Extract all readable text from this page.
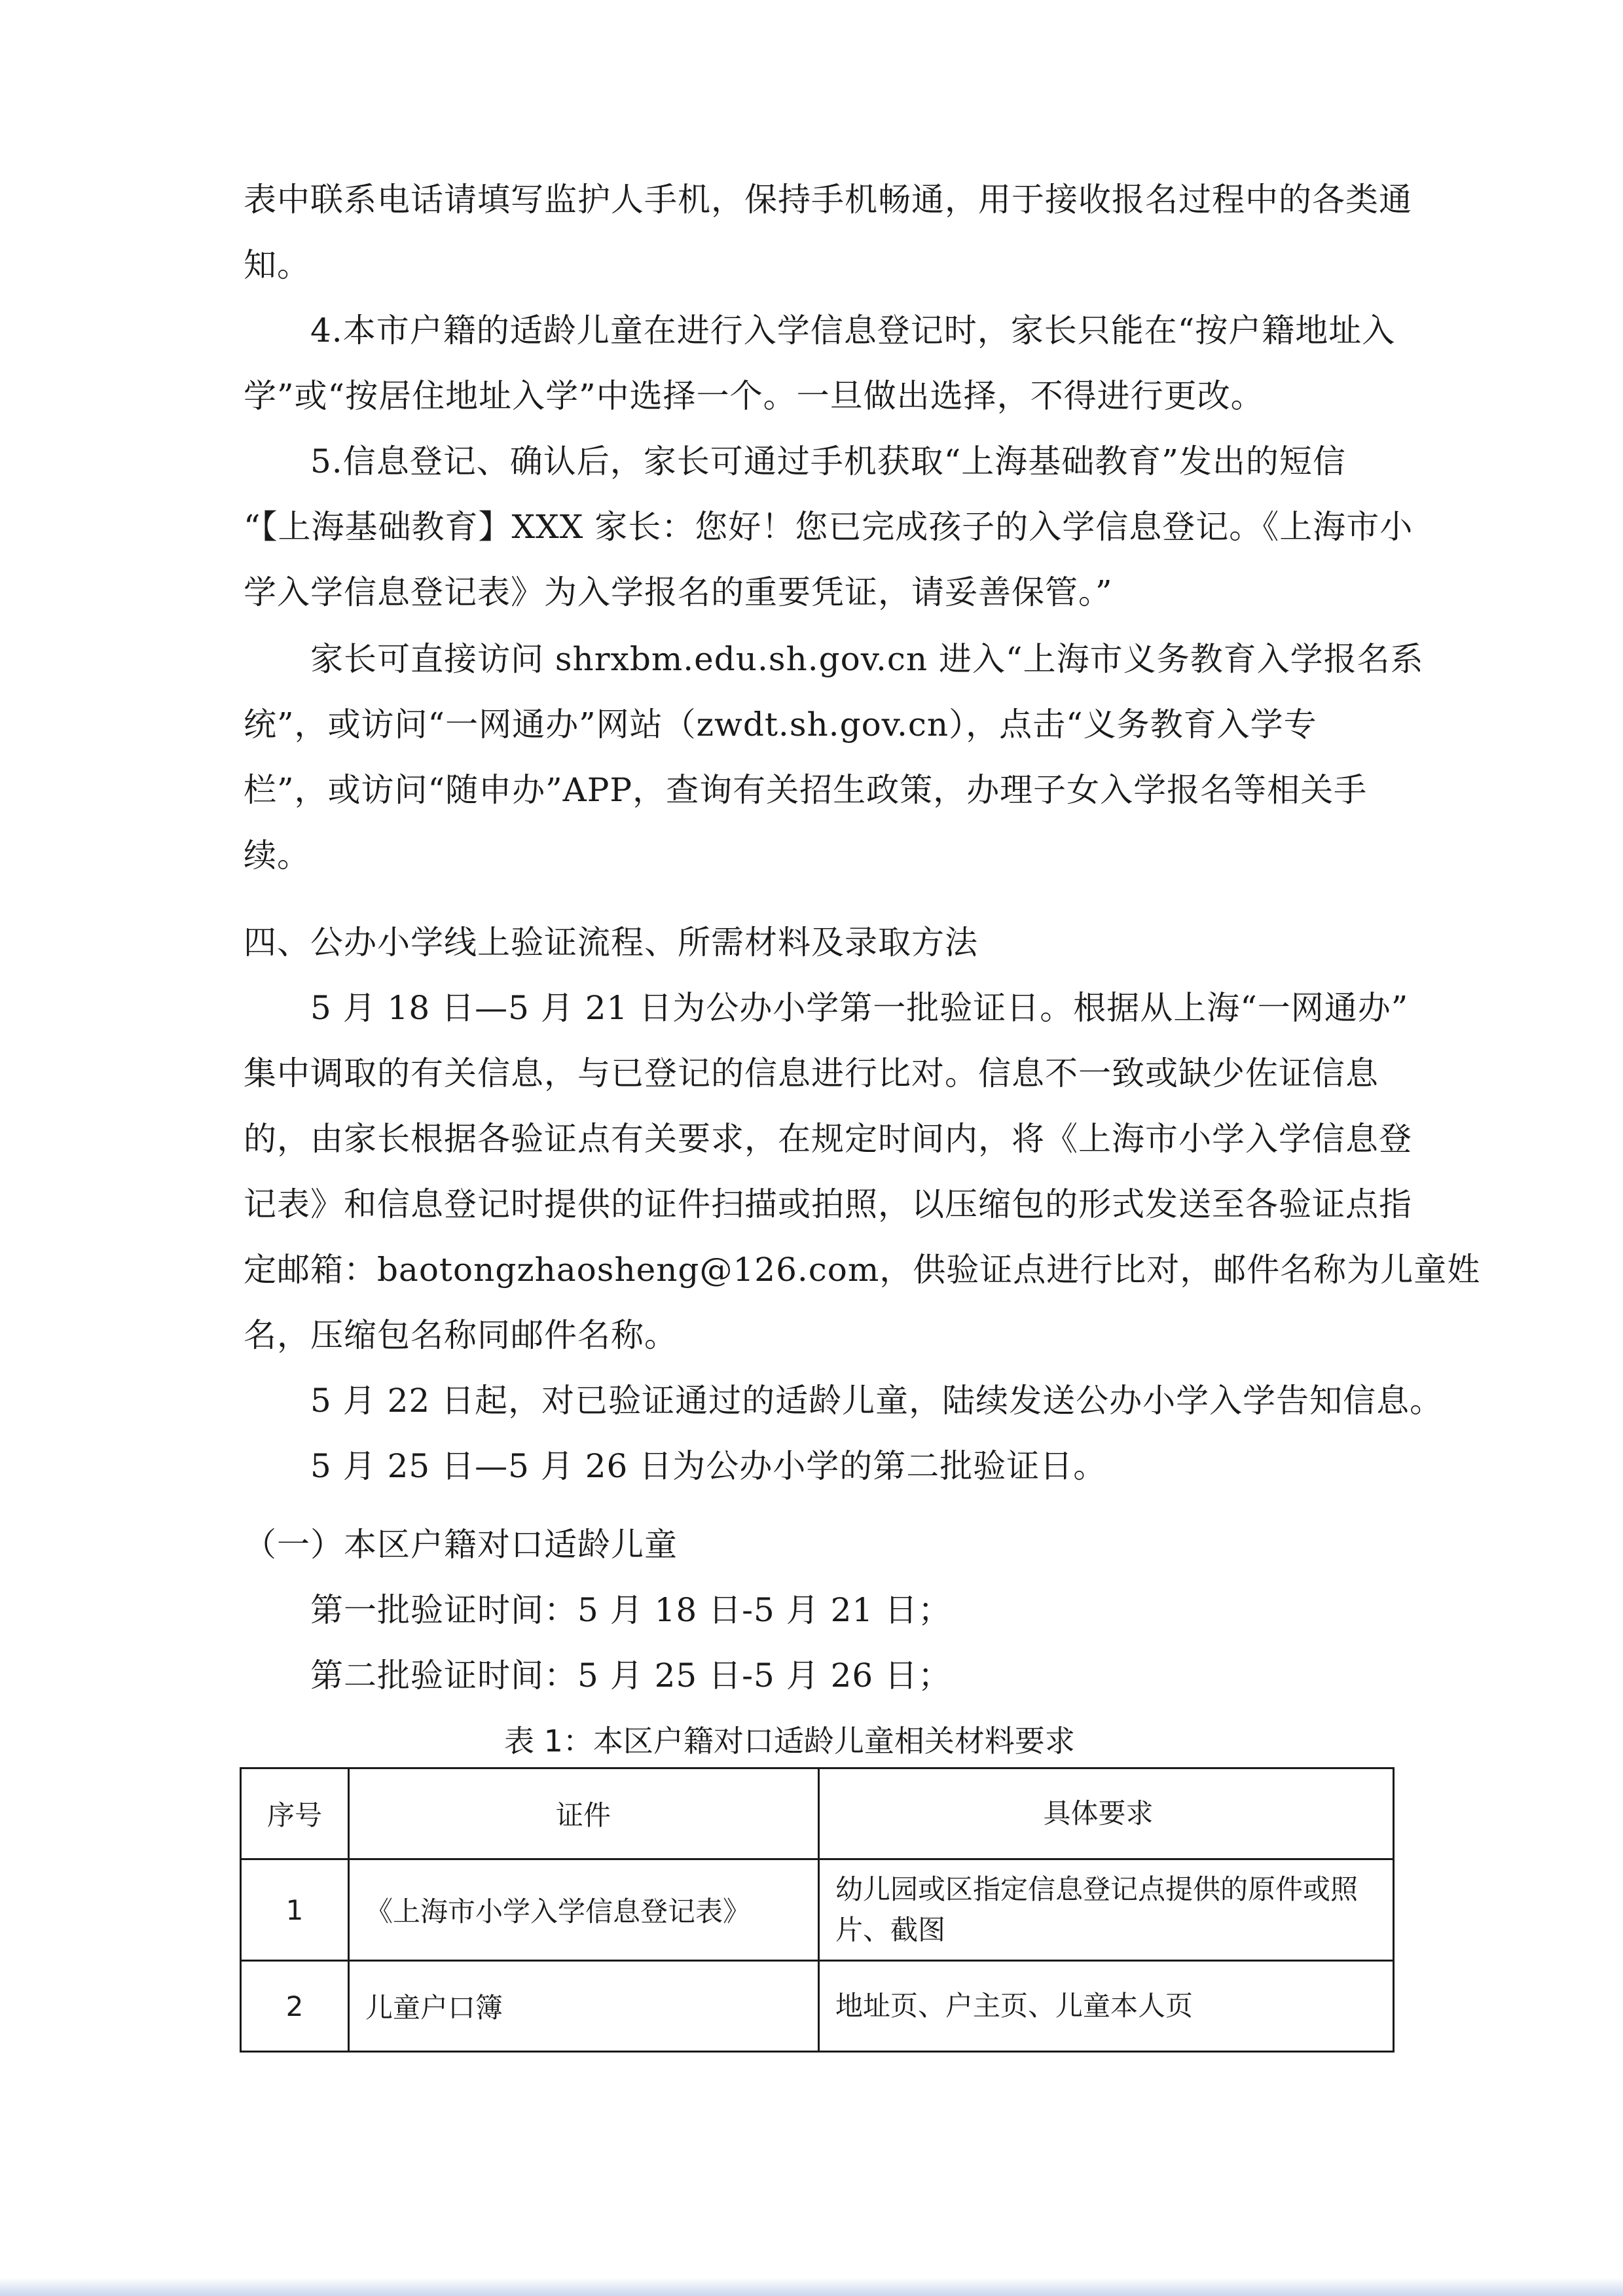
表中联系电话请填写监护人手机，保持手机畅通，用于接收报名过程中的各类通
知。
4.本市户籍的适龄儿童在进行入学信息登记时，家长只能在“按户籍地址入
学”或“按居住地址入学”中选择一个。一旦做出选择，不得进行更改。
5.信息登记、确认后，家长可通过手机获取“上海基础教育”发出的短信
“【上海基础教育】XXX 家长：您好！您已完成孩子的入学信息登记。《上海市小
学入学信息登记表》为入学报名的重要凭证，请妥善保管。”
家长可直接访问 shrxbm.edu.sh.gov.cn 进入“上海市义务教育入学报名系
统”，或访问“一网通办”网站（zwdt.sh.gov.cn），点击“义务教育入学专
栏”，或访问“随申办”APP，查询有关招生政策，办理子女入学报名等相关手
续。
四、公办小学线上验证流程、所需材料及录取方法
5 月 18 日—5 月 21 日为公办小学第一批验证日。根据从上海“一网通办”
集中调取的有关信息，与已登记的信息进行比对。信息不一致或缺少佐证信息
的，由家长根据各验证点有关要求，在规定时间内，将《上海市小学入学信息登
记表》和信息登记时提供的证件扫描或拍照，以压缩包的形式发送至各验证点指
定邮箱：baotongzhaosheng@126.com，供验证点进行比对，邮件名称为儿童姓
名，压缩包名称同邮件名称。
5 月 22 日起，对已验证通过的适龄儿童，陆续发送公办小学入学告知信息。
5 月 25 日—5 月 26 日为公办小学的第二批验证日。
（一）本区户籍对口适龄儿童
第一批验证时间：5 月 18 日-5 月 21 日；
第二批验证时间：5 月 25 日-5 月 26 日；
表 1：本区户籍对口适龄儿童相关材料要求
序号	证件	具体要求
1	《上海市小学入学信息登记表》	幼儿园或区指定信息登记点提供的原件或照
片、截图

2	儿童户口簿	地址页、户主页、儿童本人页
